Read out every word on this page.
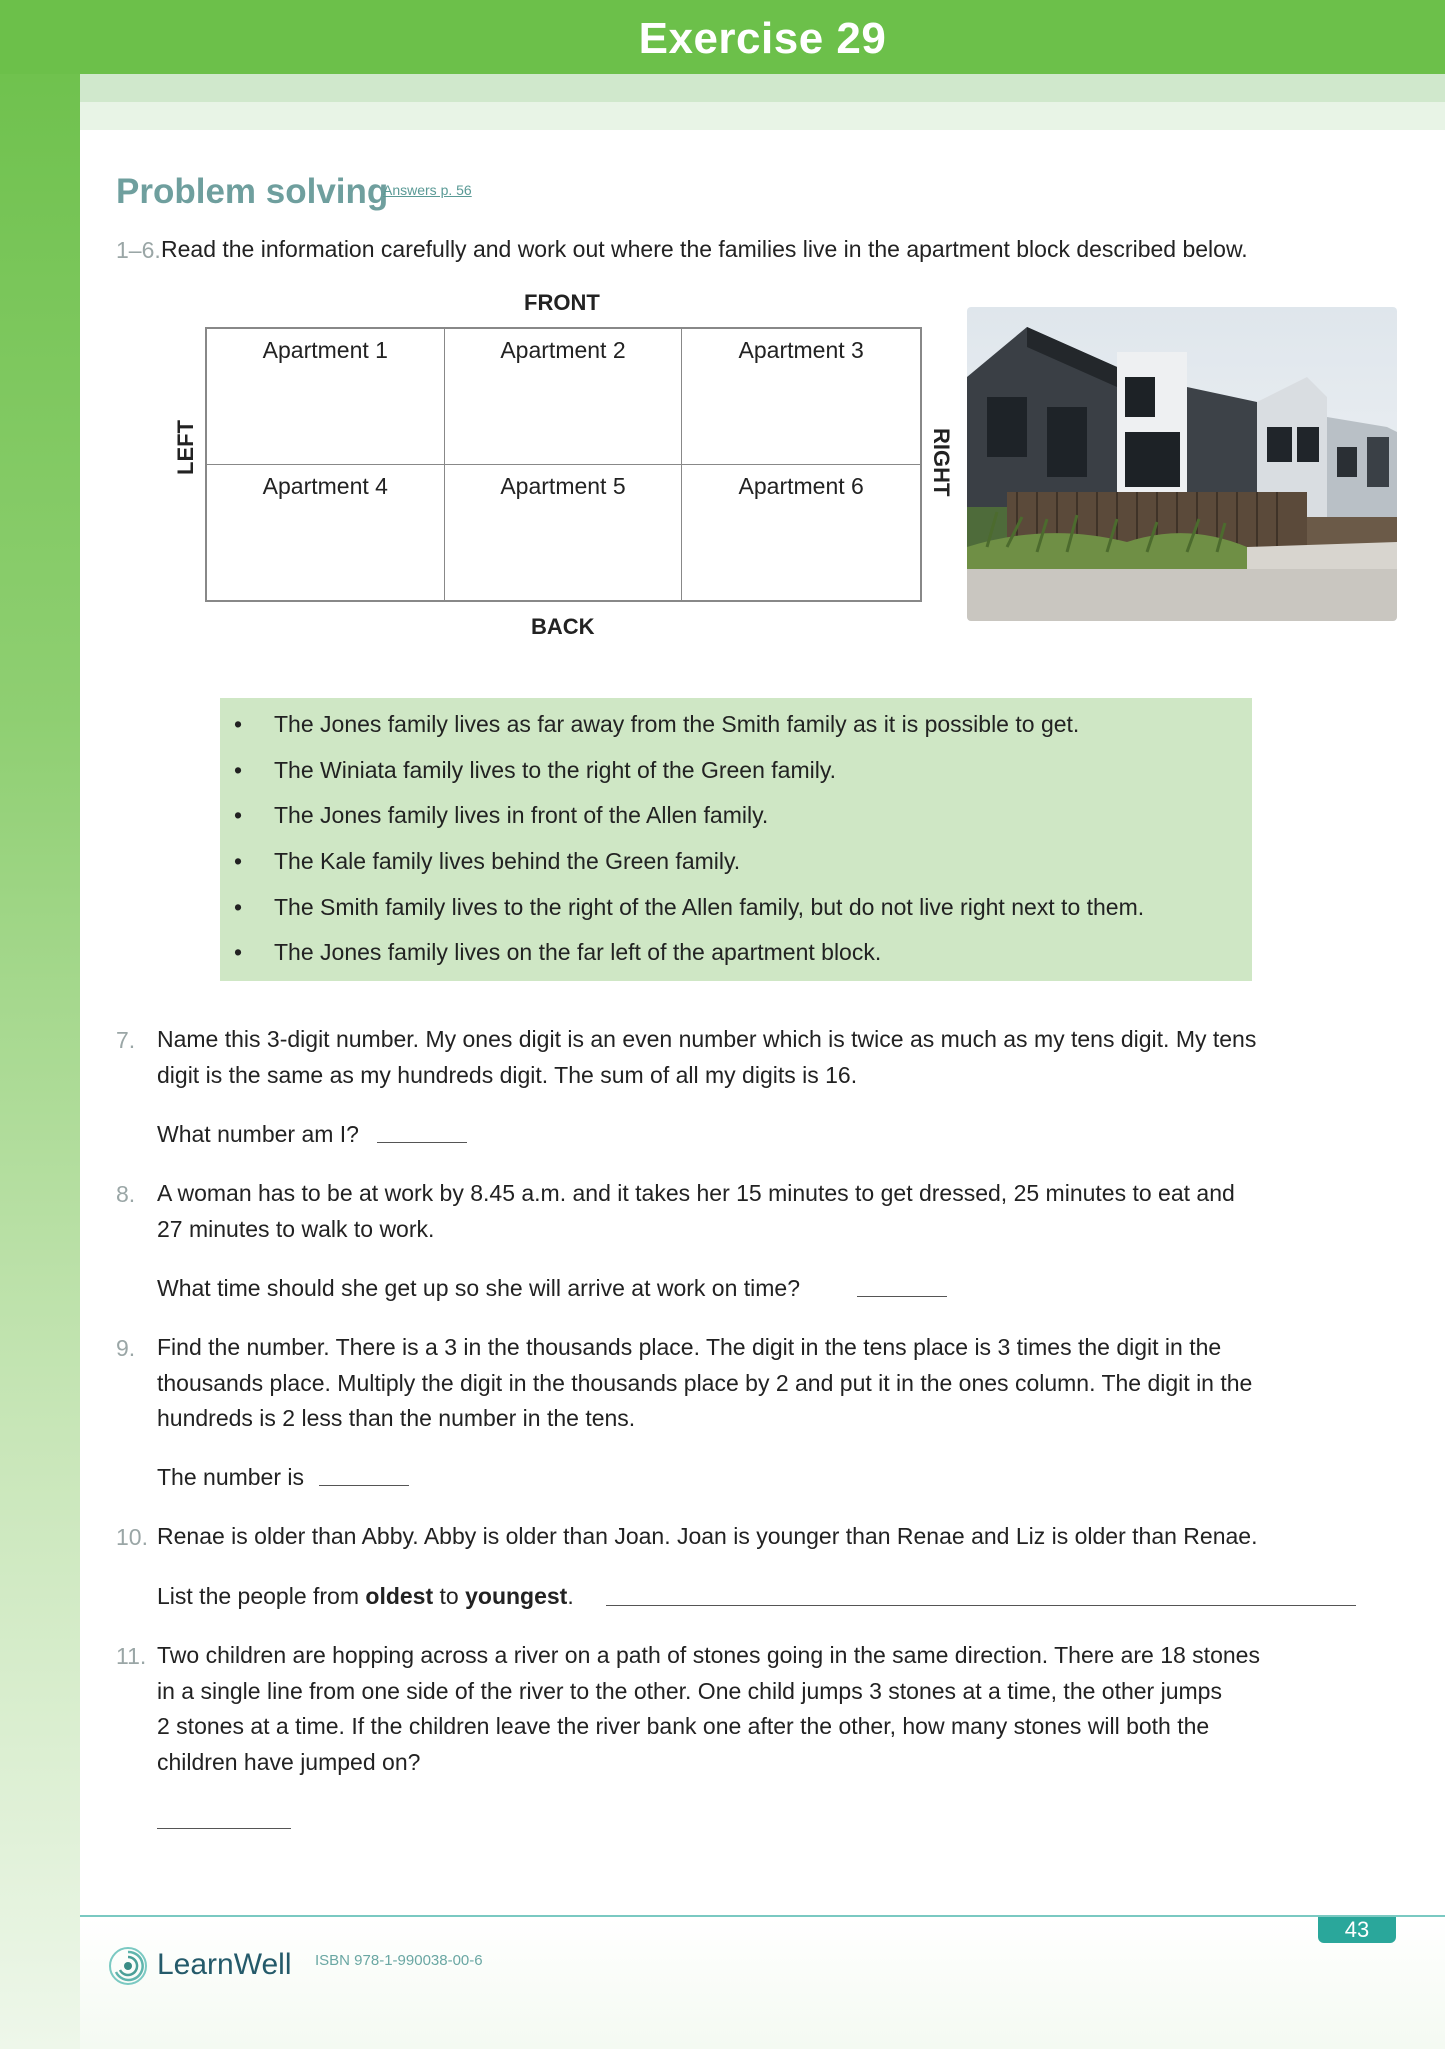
Exercise 29
Problem solving
Answers p. 56
1–6. Read the information carefully and work out where the families live in the apartment block described below.
FRONT
BACK
LEFT	RIGHT
Apartment 1	Apartment 2	Apartment 3
Apartment 4	Apartment 5	Apartment 6
• The Jones family lives as far away from the Smith family as it is possible to get.
• The Winiata family lives to the right of the Green family.
• The Jones family lives in front of the Allen family.
• The Kale family lives behind the Green family.
• The Smith family lives to the right of the Allen family, but do not live right next to them.
• The Jones family lives on the far left of the apartment block.
7. Name this 3-digit number. My ones digit is an even number which is twice as much as my tens digit. My tens
digit is the same as my hundreds digit. The sum of all my digits is 16.
What number am I?
8. A woman has to be at work by 8.45 a.m. and it takes her 15 minutes to get dressed, 25 minutes to eat and
27 minutes to walk to work.
What time should she get up so she will arrive at work on time?
9. Find the number. There is a 3 in the thousands place. The digit in the tens place is 3 times the digit in the
thousands place. Multiply the digit in the thousands place by 2 and put it in the ones column. The digit in the
hundreds is 2 less than the number in the tens.
The number is
10. Renae is older than Abby. Abby is older than Joan. Joan is younger than Renae and Liz is older than Renae.
List the people from oldest to youngest.
11. Two children are hopping across a river on a path of stones going in the same direction. There are 18 stones
in a single line from one side of the river to the other. One child jumps 3 stones at a time, the other jumps
2 stones at a time. If the children leave the river bank one after the other, how many stones will both the
children have jumped on?
43
LearnWell ISBN 978-1-990038-00-6
